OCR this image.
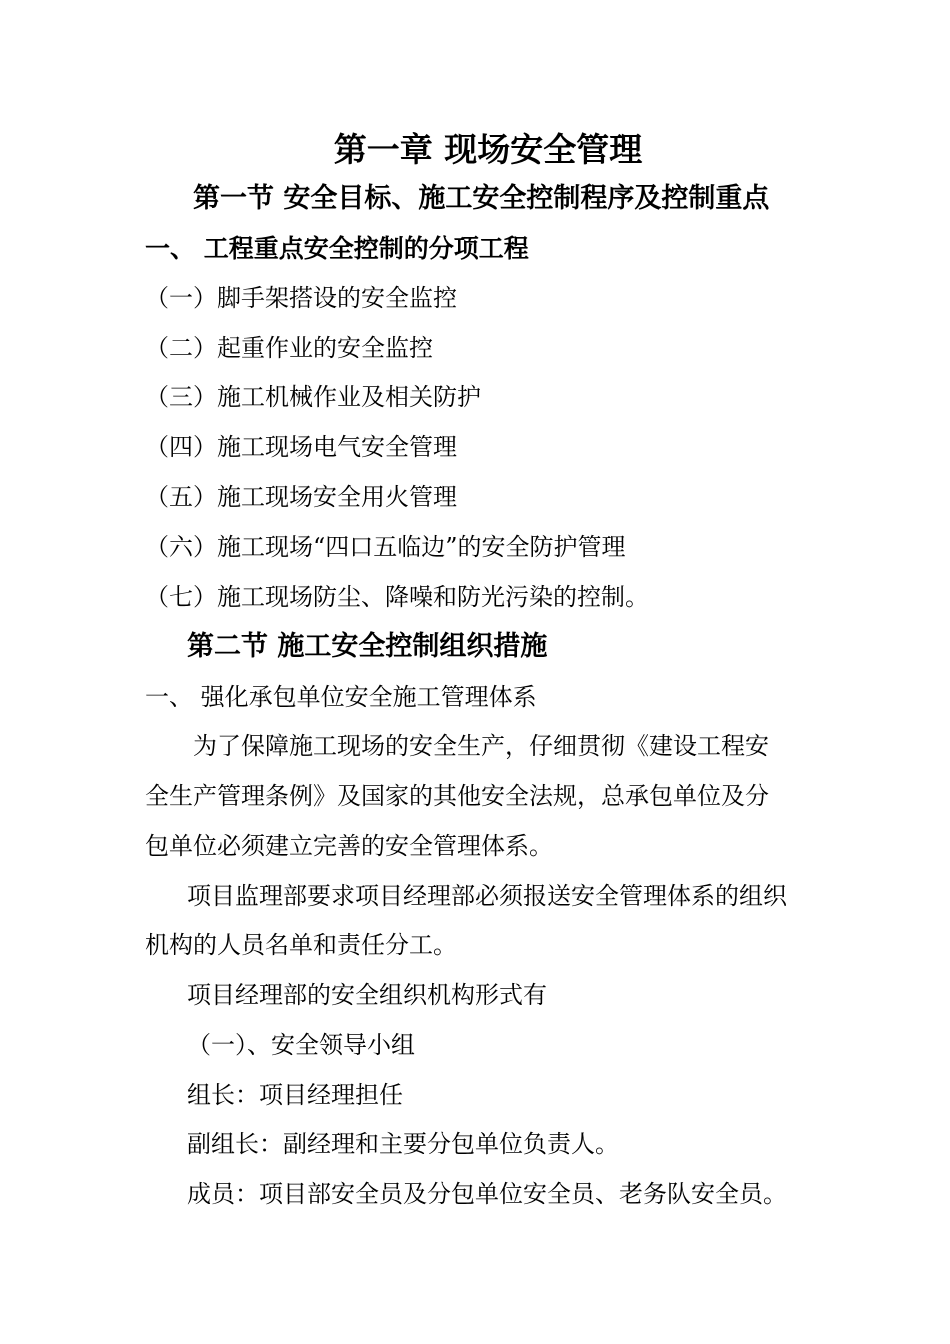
第一章 现场安全管理
第一节 安全目标、施工安全控制程序及控制重点
一、 工程重点安全控制的分项工程
（一）脚手架搭设的安全监控
（二）起重作业的安全监控
（三）施工机械作业及相关防护
（四）施工现场电气安全管理
（五）施工现场安全用火管理
（六）施工现场“四口五临边”的安全防护管理
（七）施工现场防尘、降噪和防光污染的控制。
第二节 施工安全控制组织措施
一、 强化承包单位安全施工管理体系
为了保障施工现场的安全生产，仔细贯彻《建设工程安
全生产管理条例》及国家的其他安全法规，总承包单位及分
包单位必须建立完善的安全管理体系。
项目监理部要求项目经理部必须报送安全管理体系的组织
机构的人员名单和责任分工。
项目经理部的安全组织机构形式有
（一）、安全领导小组
组长：项目经理担任
副组长：副经理和主要分包单位负责人。
成员：项目部安全员及分包单位安全员、老务队安全员。
